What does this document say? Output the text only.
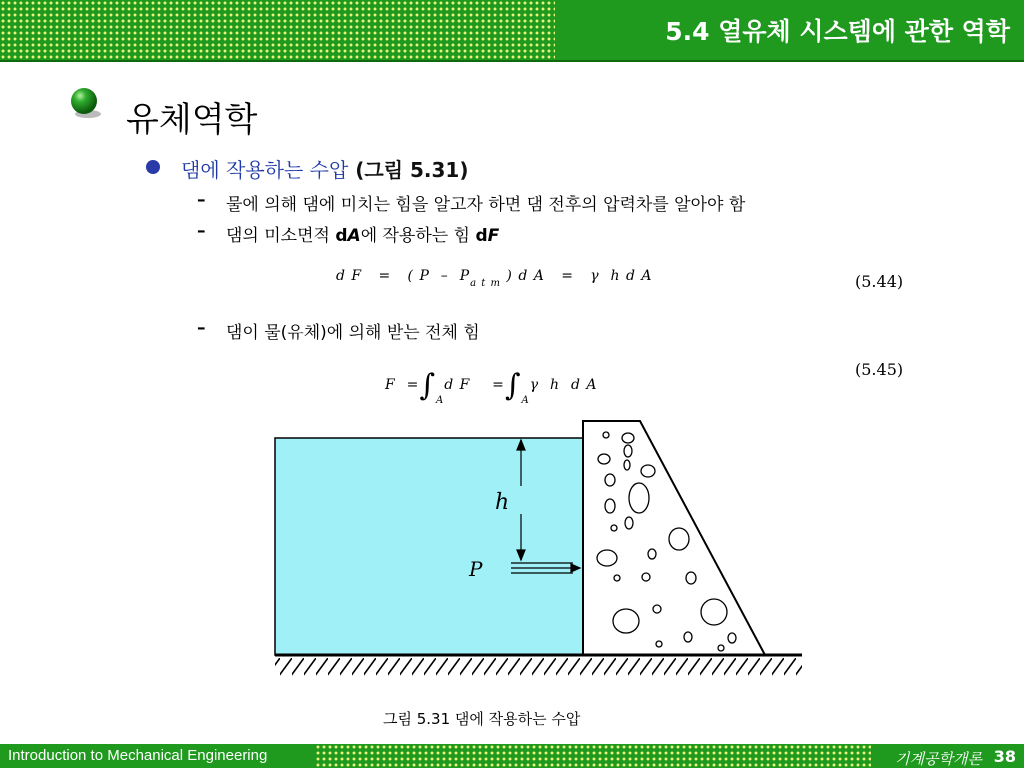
5.4 열유체 시스템에 관한 역학
유체역학
댐에 작용하는 수압 (그림 5.31)
– 물에 의해 댐에 미치는 힘을 알고자 하면 댐 전후의 압력차를 알아야 함
– 댐의 미소면적 dA에 작용하는 힘 dF
d F   =   ( P  –  $P_{a t m}$ ) d A   =   γ  h d A	(5.44)
– 댐이 물(유체)에 의해 받는 전체 힘
$F =\int_Ad$ F    $=\int_A\gamma$  h  d A
(5.45)
h
P
그림 5.31 댐에 작용하는 수압
Introduction to Mechanical Engineering	기계공학개론 38
